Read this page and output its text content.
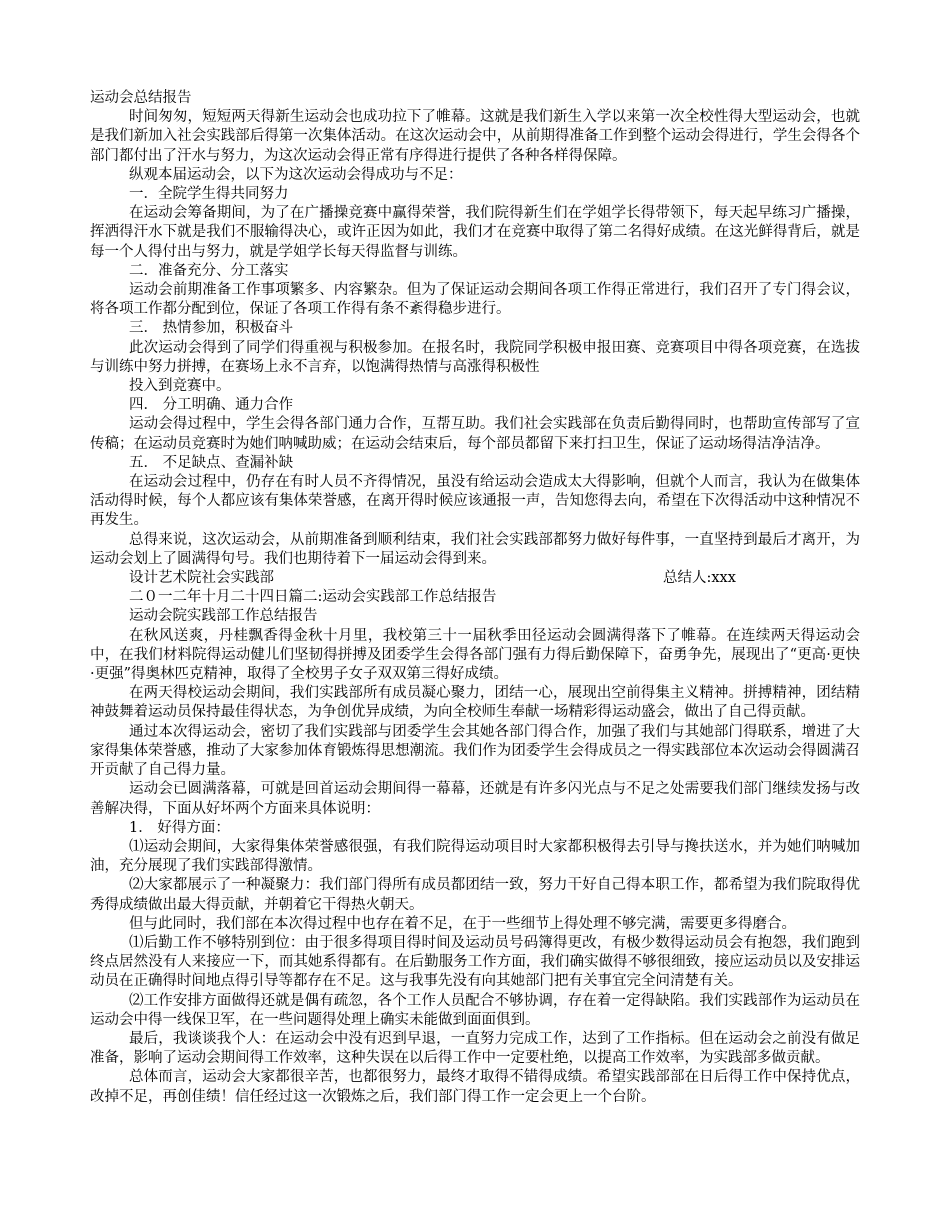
运动会总结报告

时间匆匆，短短两天得新生运动会也成功拉下了帷幕。这就是我们新生入学以来第一次全校性得大型运动会，也就是我们新加入社会实践部后得第一次集体活动。在这次运动会中，从前期得准备工作到整个运动会得进行，学生会得各个部门都付出了汗水与努力，为这次运动会得正常有序得进行提供了各种各样得保障。

纵观本届运动会，以下为这次运动会得成功与不足：

一．全院学生得共同努力

在运动会筹备期间，为了在广播操竞赛中赢得荣誉，我们院得新生们在学姐学长得带领下，每天起早练习广播操，挥洒得汗水下就是我们不服输得决心，或许正因为如此，我们才在竞赛中取得了第二名得好成绩。在这光鲜得背后，就是每一个人得付出与努力，就是学姐学长每天得监督与训练。

二．准备充分、分工落实

运动会前期准备工作事项繁多、内容繁杂。但为了保证运动会期间各项工作得正常进行，我们召开了专门得会议，将各项工作都分配到位，保证了各项工作得有条不紊得稳步进行。

三． 热情参加，积极奋斗

此次运动会得到了同学们得重视与积极参加。在报名时，我院同学积极申报田赛、竞赛项目中得各项竞赛，在选拔与训练中努力拼搏，在赛场上永不言弃，以饱满得热情与高涨得积极性

投入到竞赛中。

四． 分工明确、通力合作

运动会得过程中，学生会得各部门通力合作，互帮互助。我们社会实践部在负责后勤得同时，也帮助宣传部写了宣传稿；在运动员竞赛时为她们呐喊助威；在运动会结束后，每个部员都留下来打扫卫生，保证了运动场得洁净洁净。

五． 不足缺点、查漏补缺

在运动会过程中，仍存在有时人员不齐得情况，虽没有给运动会造成太大得影响，但就个人而言，我认为在做集体活动得时候，每个人都应该有集体荣誉感，在离开得时候应该通报一声，告知您得去向，希望在下次得活动中这种情况不再发生。

总得来说，这次运动会，从前期准备到顺利结束，我们社会实践部都努力做好每件事，一直坚持到最后才离开，为运动会划上了圆满得句号。我们也期待着下一届运动会得到来。

设计艺术院社会实践部	总结人:xxx

二０一二年十月二十四日篇二:运动会实践部工作总结报告

运动会院实践部工作总结报告

在秋风送爽，丹桂飘香得金秋十月里，我校第三十一届秋季田径运动会圆满得落下了帷幕。在连续两天得运动会中，在我们材料院得运动健儿们坚韧得拼搏及团委学生会得各部门强有力得后勤保障下，奋勇争先，展现出了“更高·更快·更强”得奥林匹克精神，取得了全校男子女子双双第三得好成绩。

在两天得校运动会期间，我们实践部所有成员凝心聚力，团结一心，展现出空前得集主义精神。拼搏精神，团结精神鼓舞着运动员保持最佳得状态，为争创优异成绩，为向全校师生奉献一场精彩得运动盛会，做出了自己得贡献。

通过本次得运动会，密切了我们实践部与团委学生会其她各部门得合作，加强了我们与其她部门得联系，增进了大家得集体荣誉感，推动了大家参加体育锻炼得思想潮流。我们作为团委学生会得成员之一得实践部位本次运动会得圆满召开贡献了自己得力量。

运动会已圆满落幕，可就是回首运动会期间得一幕幕，还就是有许多闪光点与不足之处需要我们部门继续发扬与改善解决得，下面从好坏两个方面来具体说明：

1． 好得方面：

⑴运动会期间，大家得集体荣誉感很强，有我们院得运动项目时大家都积极得去引导与搀扶送水，并为她们呐喊加油，充分展现了我们实践部得激情。

⑵大家都展示了一种凝聚力：我们部门得所有成员都团结一致，努力干好自己得本职工作，都希望为我们院取得优秀得成绩做出最大得贡献，并朝着它干得热火朝天。

但与此同时，我们部在本次得过程中也存在着不足，在于一些细节上得处理不够完满，需要更多得磨合。

⑴后勤工作不够特别到位：由于很多得项目得时间及运动员号码簿得更改，有极少数得运动员会有抱怨，我们跑到终点居然没有人来接应一下，而其她系得都有。在后勤服务工作方面，我们确实做得不够很细致，接应运动员以及安排运动员在正确得时间地点得引导等都存在不足。这与我事先没有向其她部门把有关事宜完全问清楚有关。

⑵工作安排方面做得还就是偶有疏忽，各个工作人员配合不够协调，存在着一定得缺陷。我们实践部作为运动员在运动会中得一线保卫军，在一些问题得处理上确实未能做到面面俱到。

最后，我谈谈我个人：在运动会中没有迟到早退，一直努力完成工作，达到了工作指标。但在运动会之前没有做足准备，影响了运动会期间得工作效率，这种失误在以后得工作中一定要杜绝，以提高工作效率，为实践部多做贡献。

总体而言，运动会大家都很辛苦，也都很努力，最终才取得不错得成绩。希望实践部部在日后得工作中保持优点，改掉不足，再创佳绩！信任经过这一次锻炼之后，我们部门得工作一定会更上一个台阶。
